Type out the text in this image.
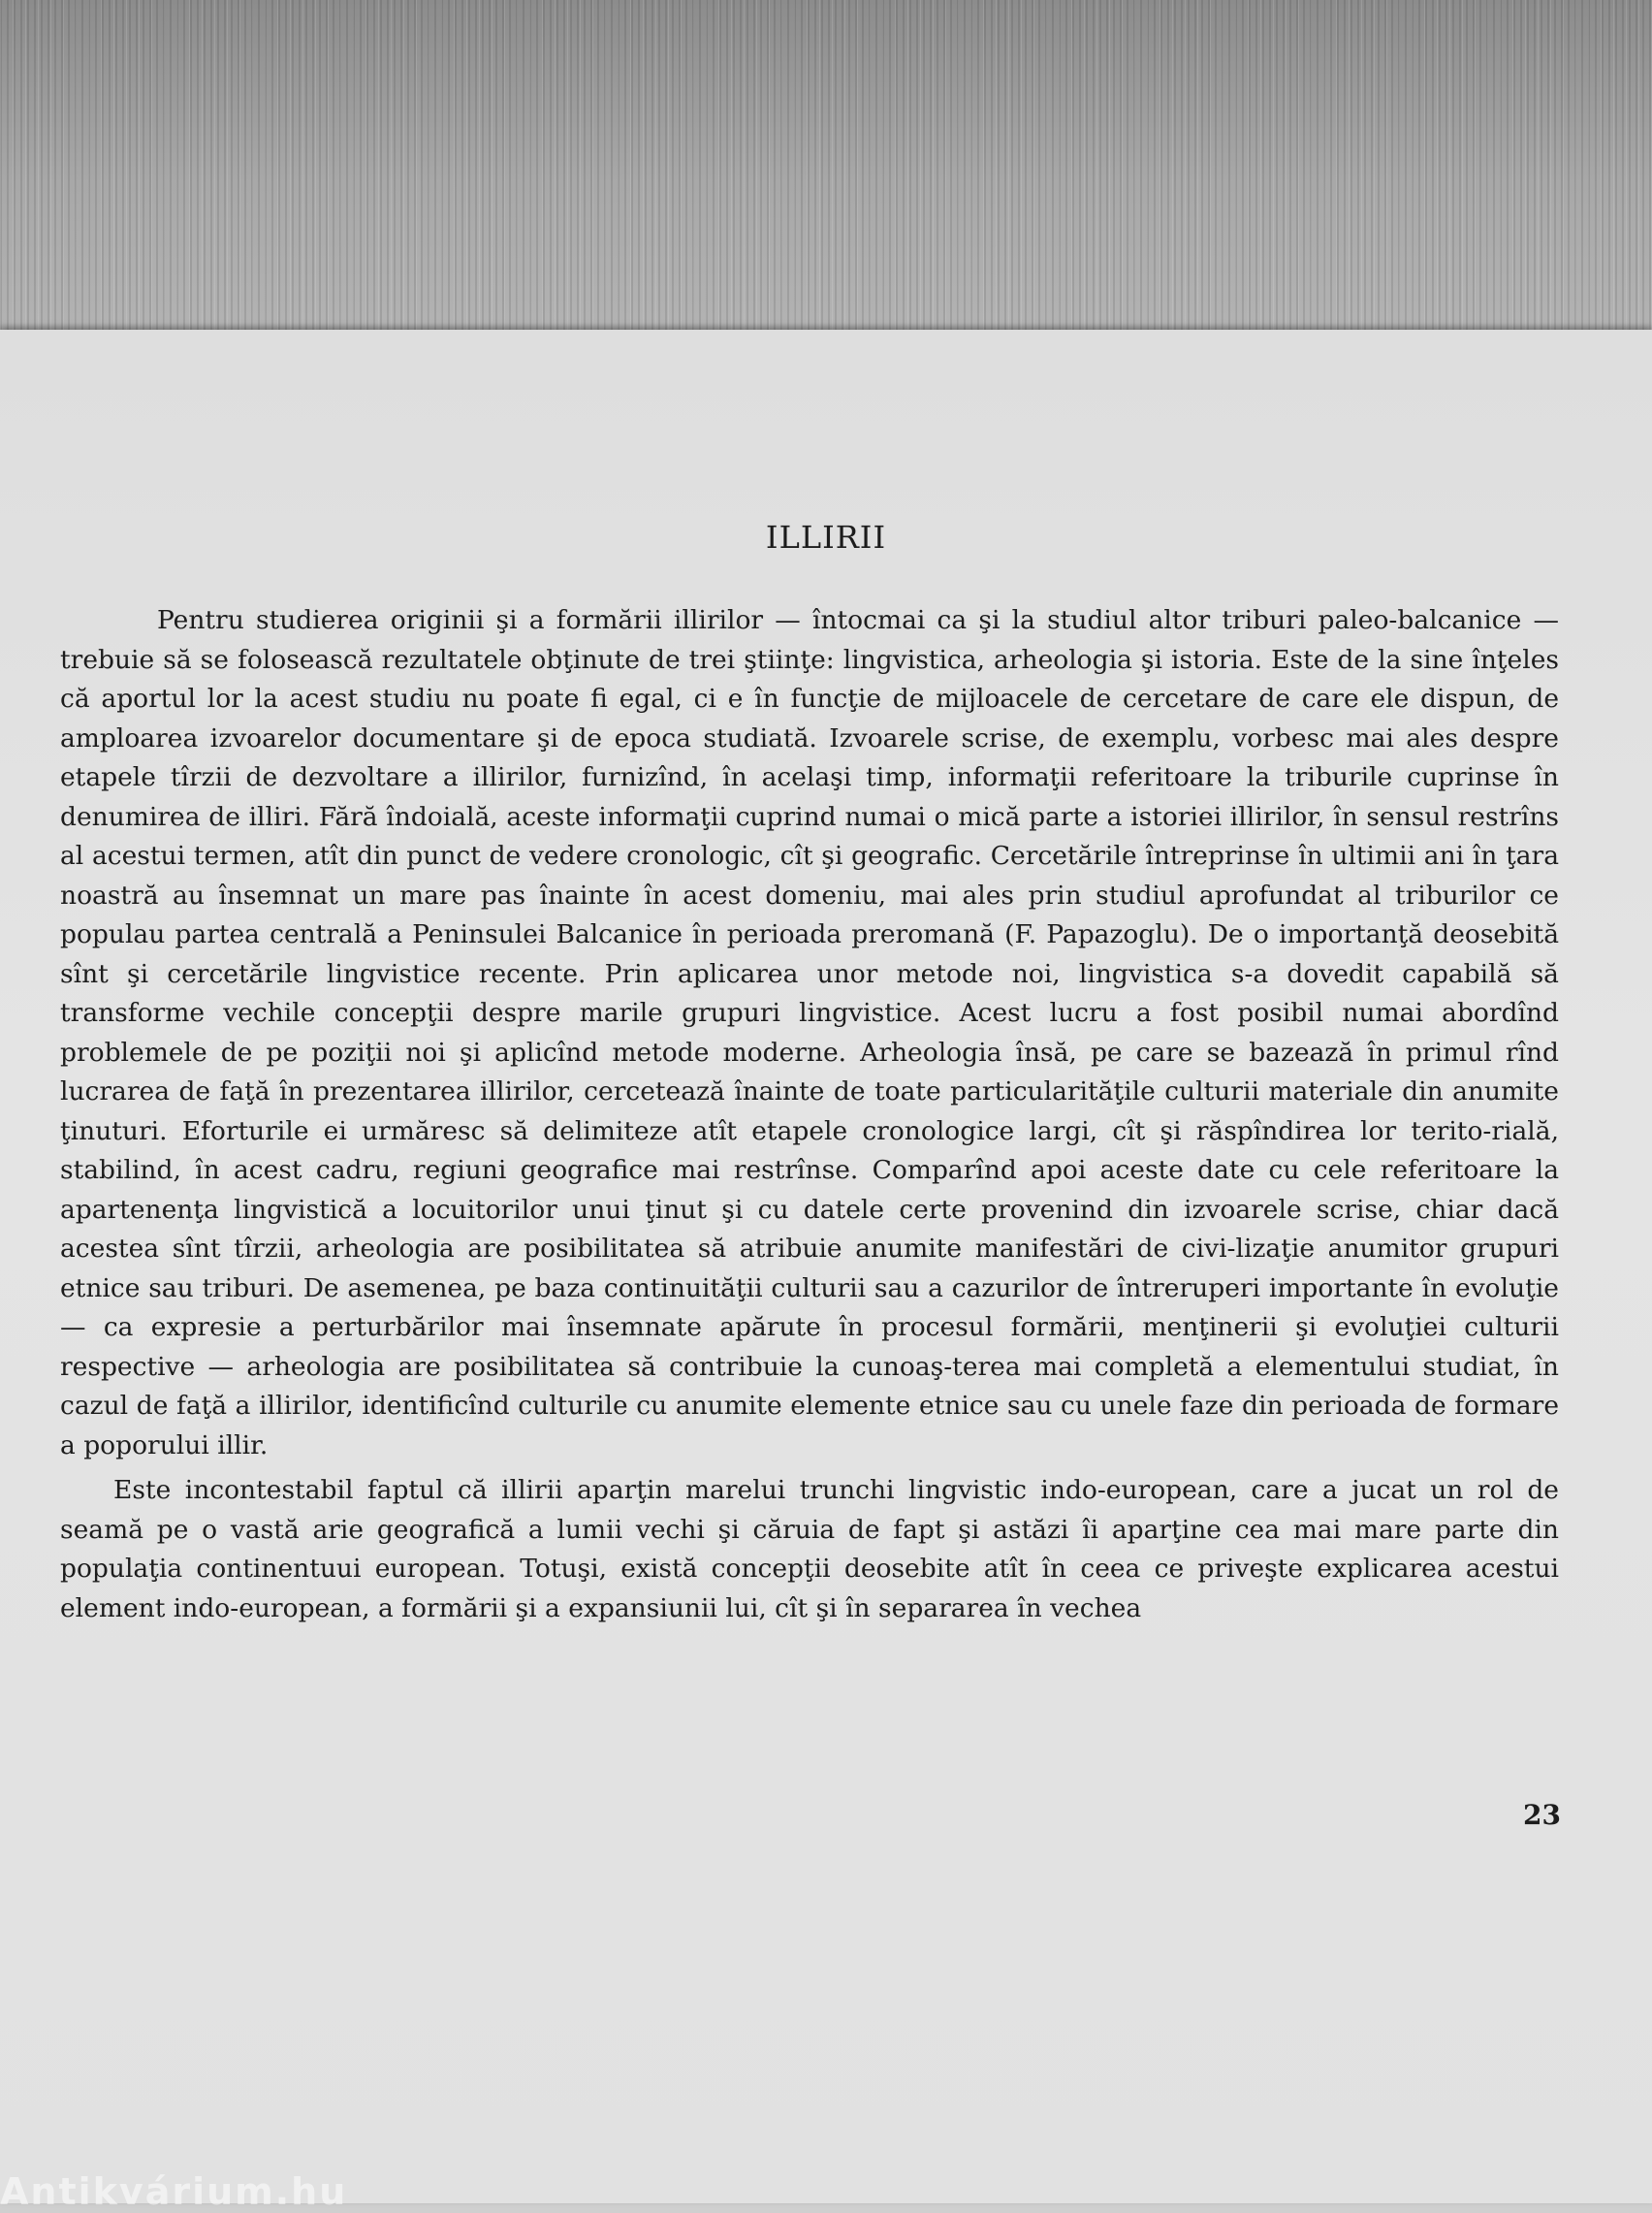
ILLIRII

Pentru studierea originii şi a formării illirilor — întocmai ca şi la studiul altor triburi paleo-balcanice — trebuie să se folosească rezultatele obţinute de trei ştiinţe: lingvistica, arheologia şi istoria. Este de la sine înţeles că aportul lor la acest studiu nu poate fi egal, ci e în funcţie de mijloacele de cercetare de care ele dispun, de amploarea izvoarelor documentare şi de epoca studiată. Izvoarele scrise, de exemplu, vorbesc mai ales despre etapele tîrzii de dezvoltare a illirilor, furnizînd, în acelaşi timp, informaţii referitoare la triburile cuprinse în denumirea de illiri. Fără îndoială, aceste informaţii cuprind numai o mică parte a istoriei illirilor, în sensul restrîns al acestui termen, atît din punct de vedere cronologic, cît şi geografic. Cercetările întreprinse în ultimii ani în ţara noastră au însemnat un mare pas înainte în acest domeniu, mai ales prin studiul aprofundat al triburilor ce populau partea centrală a Peninsulei Balcanice în perioada preromană (F. Papazoglu). De o importanţă deosebită sînt şi cercetările lingvistice recente. Prin aplicarea unor metode noi, lingvistica s-a dovedit capabilă să transforme vechile concepţii despre marile grupuri lingvistice. Acest lucru a fost posibil numai abordînd problemele de pe poziţii noi şi aplicînd metode moderne. Arheologia însă, pe care se bazează în primul rînd lucrarea de faţă în prezentarea illirilor, cercetează înainte de toate particularităţile culturii materiale din anumite ţinuturi. Eforturile ei urmăresc să delimiteze atît etapele cronologice largi, cît şi răspîndirea lor terito-rială, stabilind, în acest cadru, regiuni geografice mai restrînse. Comparînd apoi aceste date cu cele referitoare la apartenenţa lingvistică a locuitorilor unui ţinut şi cu datele certe provenind din izvoarele scrise, chiar dacă acestea sînt tîrzii, arheologia are posibilitatea să atribuie anumite manifestări de civi-lizaţie anumitor grupuri etnice sau triburi. De asemenea, pe baza continuităţii culturii sau a cazurilor de întreruperi importante în evoluţie — ca expresie a perturbărilor mai însemnate apărute în procesul formării, menţinerii şi evoluţiei culturii respective — arheologia are posibilitatea să contribuie la cunoaş-terea mai completă a elementului studiat, în cazul de faţă a illirilor, identificînd culturile cu anumite elemente etnice sau cu unele faze din perioada de formare a poporului illir.

Este incontestabil faptul că illirii aparţin marelui trunchi lingvistic indo-european, care a jucat un rol de seamă pe o vastă arie geografică a lumii vechi şi căruia de fapt şi astăzi îi aparţine cea mai mare parte din populaţia continentuui european. Totuşi, există concepţii deosebite atît în ceea ce priveşte explicarea acestui element indo-european, a formării şi a expansiunii lui, cît şi în separarea în vechea

23
Antikvárium.hu
